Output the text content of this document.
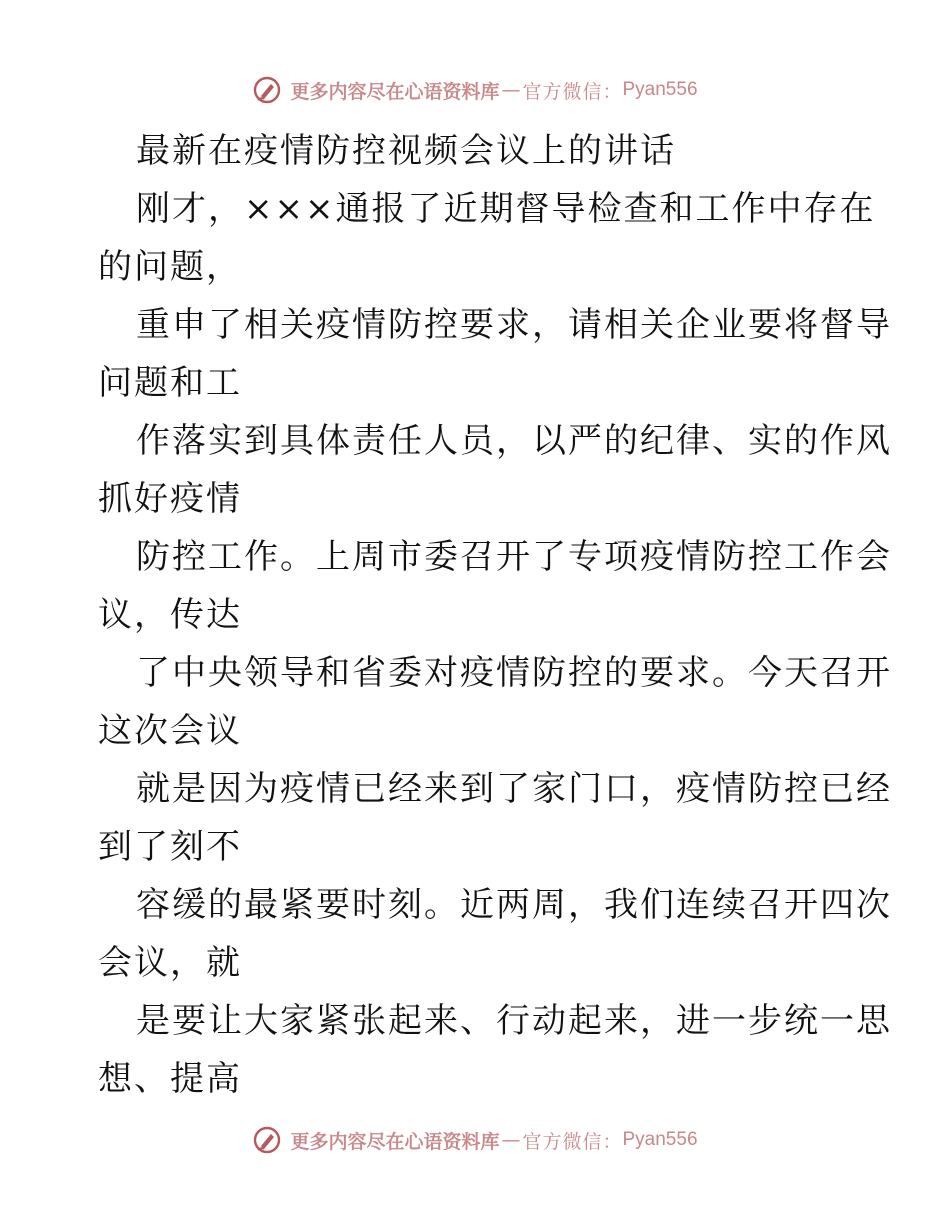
更多内容尽在心语资料库 — 官方微信： Pyan556
最新在疫情防控视频会议上的讲话
刚才，×××通报了近期督导检查和工作中存在
的问题，
重申了相关疫情防控要求，请相关企业要将督导
问题和工
作落实到具体责任人员，以严的纪律、实的作风
抓好疫情
防控工作。上周市委召开了专项疫情防控工作会
议，传达
了中央领导和省委对疫情防控的要求。今天召开
这次会议
就是因为疫情已经来到了家门口，疫情防控已经
到了刻不
容缓的最紧要时刻。近两周，我们连续召开四次
会议，就
是要让大家紧张起来、行动起来，进一步统一思
想、提高
更多内容尽在心语资料库 — 官方微信： Pyan556
